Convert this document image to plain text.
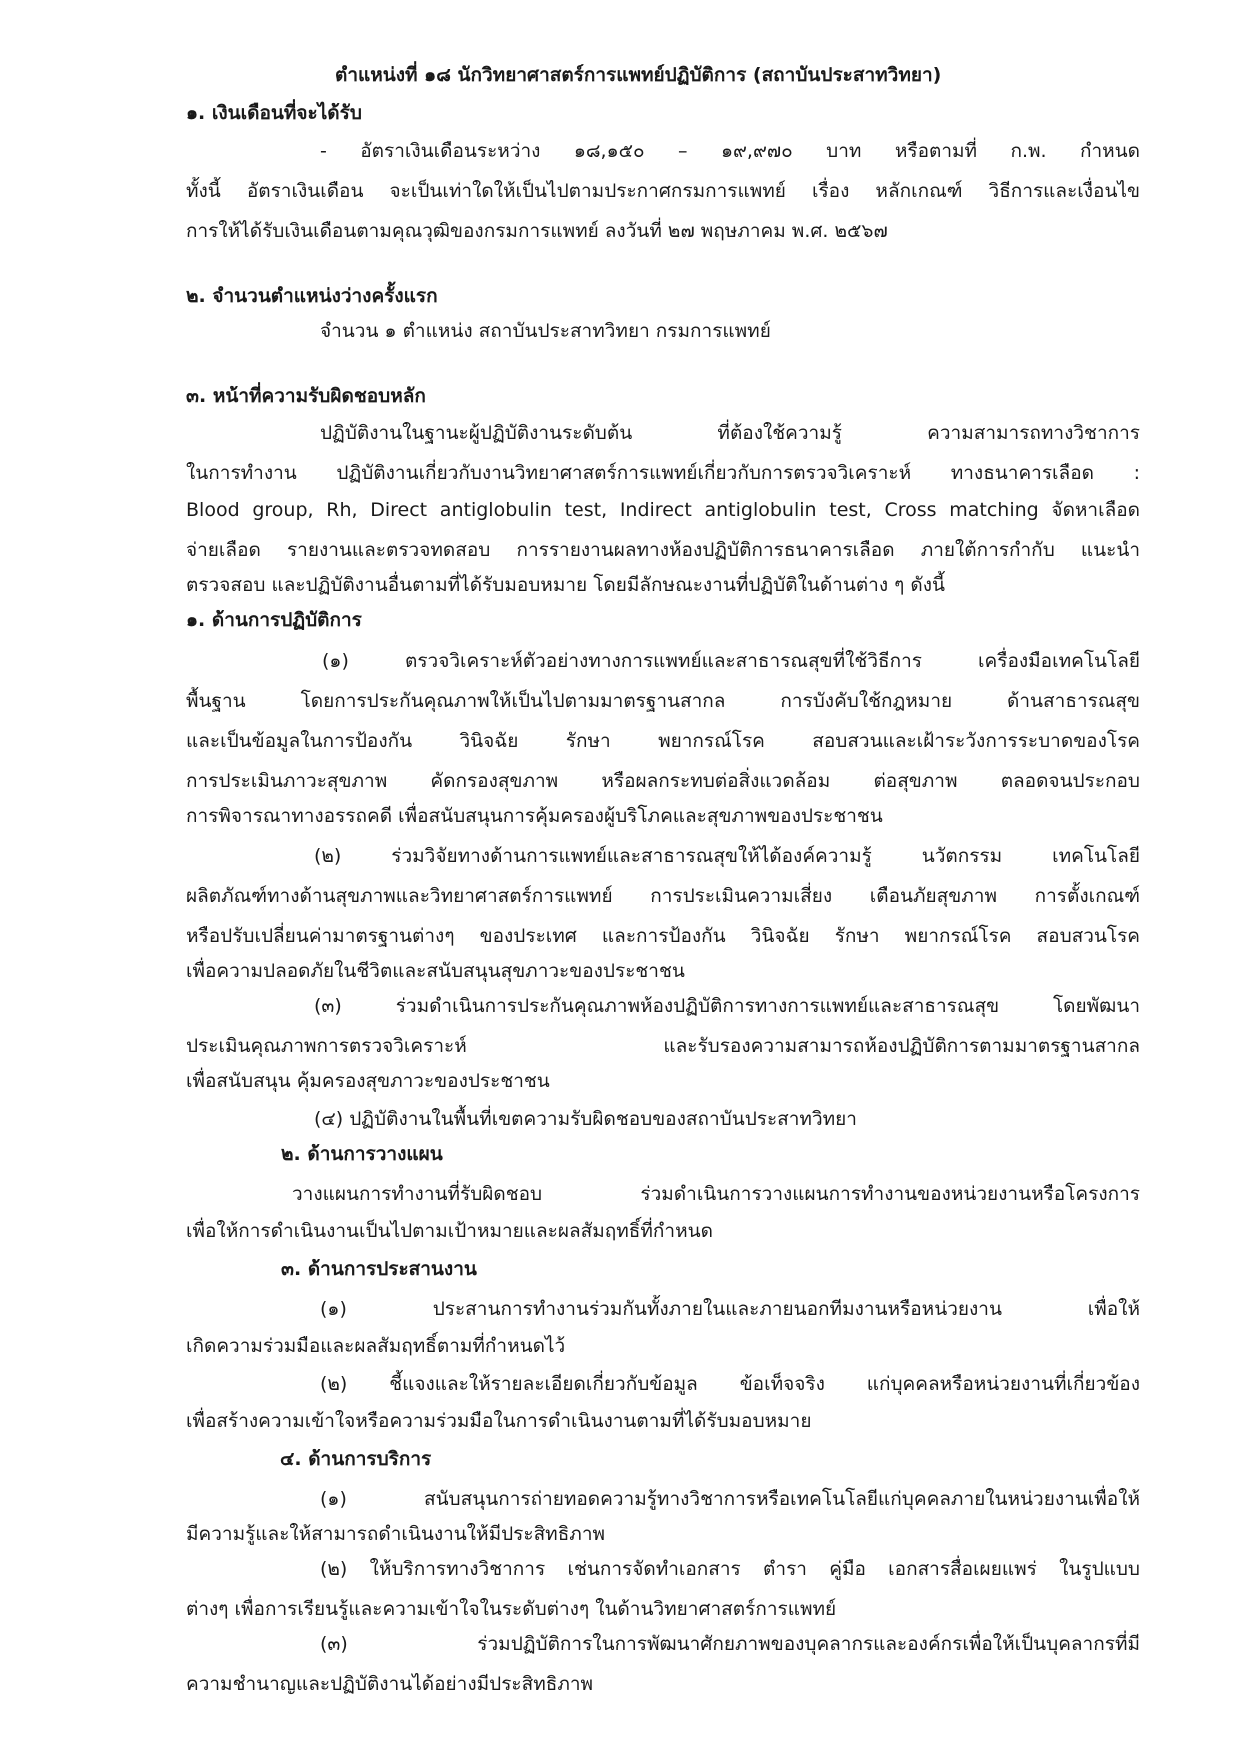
ตำแหน่งที่ ๑๘ นักวิทยาศาสตร์การแพทย์ปฏิบัติการ (สถาบันประสาทวิทยา)
๑. เงินเดือนที่จะได้รับ
- อัตราเงินเดือนระหว่าง ๑๘,๑๕๐ – ๑๙,๙๗๐ บาท หรือตามที่ ก.พ. กำหนด
ทั้งนี้ อัตราเงินเดือน จะเป็นเท่าใดให้เป็นไปตามประกาศกรมการแพทย์ เรื่อง หลักเกณฑ์ วิธีการและเงื่อนไข
การให้ได้รับเงินเดือนตามคุณวุฒิของกรมการแพทย์ ลงวันที่ ๒๗ พฤษภาคม พ.ศ. ๒๕๖๗
๒. จำนวนตำแหน่งว่างครั้งแรก
จำนวน ๑ ตำแหน่ง สถาบันประสาทวิทยา กรมการแพทย์
๓. หน้าที่ความรับผิดชอบหลัก
ปฏิบัติงานในฐานะผู้ปฏิบัติงานระดับต้น ที่ต้องใช้ความรู้ ความสามารถทางวิชาการ
ในการทำงาน ปฏิบัติงานเกี่ยวกับงานวิทยาศาสตร์การแพทย์เกี่ยวกับการตรวจวิเคราะห์ ทางธนาคารเลือด :
Blood group, Rh, Direct antiglobulin test, Indirect antiglobulin test, Cross matching จัดหาเลือด
จ่ายเลือด รายงานและตรวจทดสอบ การรายงานผลทางห้องปฏิบัติการธนาคารเลือด ภายใต้การกำกับ แนะนำ
ตรวจสอบ และปฏิบัติงานอื่นตามที่ได้รับมอบหมาย โดยมีลักษณะงานที่ปฏิบัติในด้านต่าง ๆ ดังนี้
๑. ด้านการปฏิบัติการ
(๑) ตรวจวิเคราะห์ตัวอย่างทางการแพทย์และสาธารณสุขที่ใช้วิธีการ เครื่องมือเทคโนโลยี
พื้นฐาน โดยการประกันคุณภาพให้เป็นไปตามมาตรฐานสากล การบังคับใช้กฎหมาย ด้านสาธารณสุข
และเป็นข้อมูลในการป้องกัน วินิจฉัย รักษา พยากรณ์โรค สอบสวนและเฝ้าระวังการระบาดของโรค
การประเมินภาวะสุขภาพ คัดกรองสุขภาพ หรือผลกระทบต่อสิ่งแวดล้อม ต่อสุขภาพ ตลอดจนประกอบ
การพิจารณาทางอรรถคดี เพื่อสนับสนุนการคุ้มครองผู้บริโภคและสุขภาพของประชาชน
(๒) ร่วมวิจัยทางด้านการแพทย์และสาธารณสุขให้ได้องค์ความรู้ นวัตกรรม เทคโนโลยี
ผลิตภัณฑ์ทางด้านสุขภาพและวิทยาศาสตร์การแพทย์ การประเมินความเสี่ยง เตือนภัยสุขภาพ การตั้งเกณฑ์
หรือปรับเปลี่ยนค่ามาตรฐานต่างๆ ของประเทศ และการป้องกัน วินิจฉัย รักษา พยากรณ์โรค สอบสวนโรค
เพื่อความปลอดภัยในชีวิตและสนับสนุนสุขภาวะของประชาชน
(๓) ร่วมดำเนินการประกันคุณภาพห้องปฏิบัติการทางการแพทย์และสาธารณสุข โดยพัฒนา
ประเมินคุณภาพการตรวจวิเคราะห์ และรับรองความสามารถห้องปฏิบัติการตามมาตรฐานสากล
เพื่อสนับสนุน คุ้มครองสุขภาวะของประชาชน
(๔) ปฏิบัติงานในพื้นที่เขตความรับผิดชอบของสถาบันประสาทวิทยา
๒. ด้านการวางแผน
วางแผนการทำงานที่รับผิดชอบ ร่วมดำเนินการวางแผนการทำงานของหน่วยงานหรือโครงการ
เพื่อให้การดำเนินงานเป็นไปตามเป้าหมายและผลสัมฤทธิ์ที่กำหนด
๓. ด้านการประสานงาน
(๑) ประสานการทำงานร่วมกันทั้งภายในและภายนอกทีมงานหรือหน่วยงาน เพื่อให้
เกิดความร่วมมือและผลสัมฤทธิ์ตามที่กำหนดไว้
(๒) ชี้แจงและให้รายละเอียดเกี่ยวกับข้อมูล ข้อเท็จจริง แก่บุคคลหรือหน่วยงานที่เกี่ยวข้อง
เพื่อสร้างความเข้าใจหรือความร่วมมือในการดำเนินงานตามที่ได้รับมอบหมาย
๔. ด้านการบริการ
(๑) สนับสนุนการถ่ายทอดความรู้ทางวิชาการหรือเทคโนโลยีแก่บุคคลภายในหน่วยงานเพื่อให้
มีความรู้และให้สามารถดำเนินงานให้มีประสิทธิภาพ
(๒) ให้บริการทางวิชาการ เช่นการจัดทำเอกสาร ตำรา คู่มือ เอกสารสื่อเผยแพร่ ในรูปแบบ
ต่างๆ เพื่อการเรียนรู้และความเข้าใจในระดับต่างๆ ในด้านวิทยาศาสตร์การแพทย์
(๓) ร่วมปฏิบัติการในการพัฒนาศักยภาพของบุคลากรและองค์กรเพื่อให้เป็นบุคลากรที่มี
ความชำนาญและปฏิบัติงานได้อย่างมีประสิทธิภาพ
